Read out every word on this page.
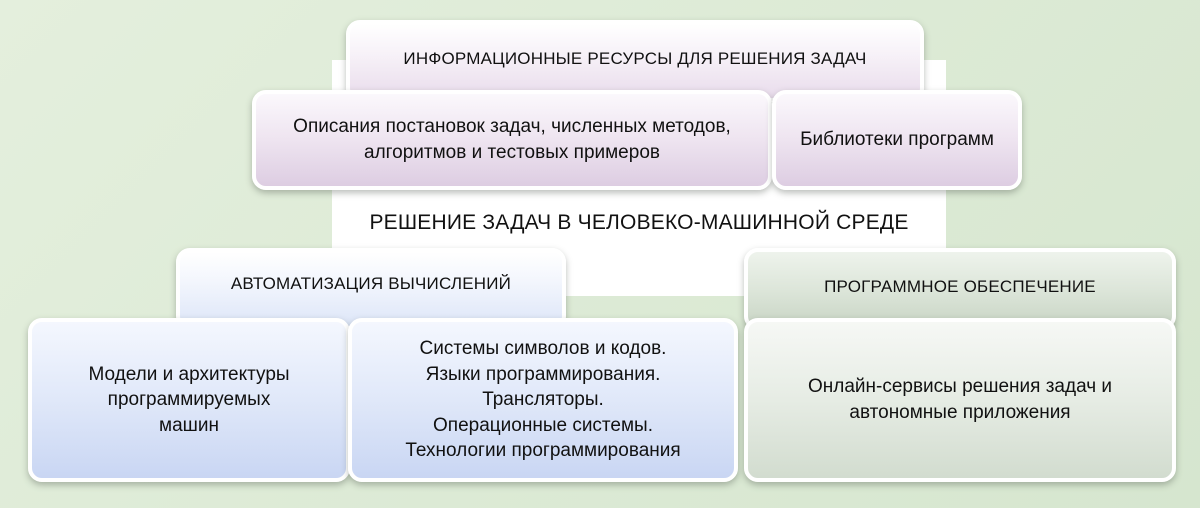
ИНФОРМАЦИОННЫЕ РЕСУРСЫ ДЛЯ РЕШЕНИЯ ЗАДАЧ
Описания постановок задач, численных методов,
алгоритмов и тестовых примеров
Библиотеки программ
РЕШЕНИЕ ЗАДАЧ В ЧЕЛОВЕКО-МАШИННОЙ СРЕДЕ
АВТОМАТИЗАЦИЯ ВЫЧИСЛЕНИЙ
Модели и архитектуры
программируемых
машин
Системы символов и кодов.
Языки программирования.
Трансляторы.
Операционные системы.
Технологии программирования
ПРОГРАММНОЕ ОБЕСПЕЧЕНИЕ
Онлайн-сервисы решения задач и
автономные приложения
